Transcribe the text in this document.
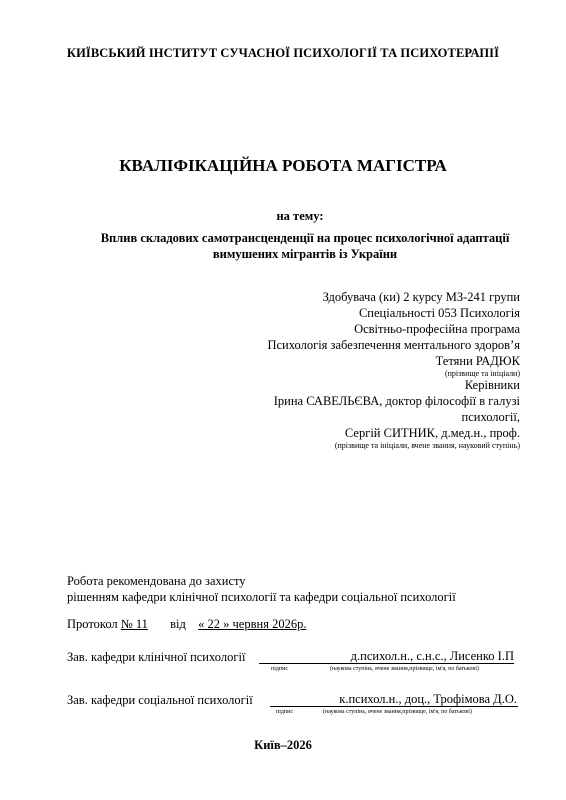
КИЇВСЬКИЙ ІНСТИТУТ СУЧАСНОЇ ПСИХОЛОГІЇ ТА ПСИХОТЕРАПІЇ
КВАЛІФІКАЦІЙНА РОБОТА МАГІСТРА
на тему:
Вплив складових самотрансценденції на процес психологічної адаптації
вимушених мігрантів із України
Здобувача (ки) 2 курсу МЗ-241 групи
Спеціальності 053 Психологія
Освітньо-професійна програма
Психологія забезпечення ментального здоров’я
Тетяни РАДЮК
(прізвище та ініціали)
Керівники
Ірина САВЕЛЬЄВА, доктор філософії в галузі
психології,
Сергій СИТНИК, д.мед.н., проф.
(прізвище та ініціали, вчене звання, науковий ступінь)
Робота рекомендована до захисту
рішенням кафедри клінічної психології та кафедри соціальної психології
Протокол № 11 від « 22 » червня 2026р.
Зав. кафедри клінічної психології	д.психол.н., с.н.с., Лисенко І.П
підпис	(наукова ступінь, вчене звання,прізвище, ім'я, по батькові)
Зав. кафедри соціальної психології	к.психол.н., доц., Трофімова Д.О.
підпис	(наукова ступінь, вчене звання,прізвище, ім'я, по батькові)
Київ–2026
